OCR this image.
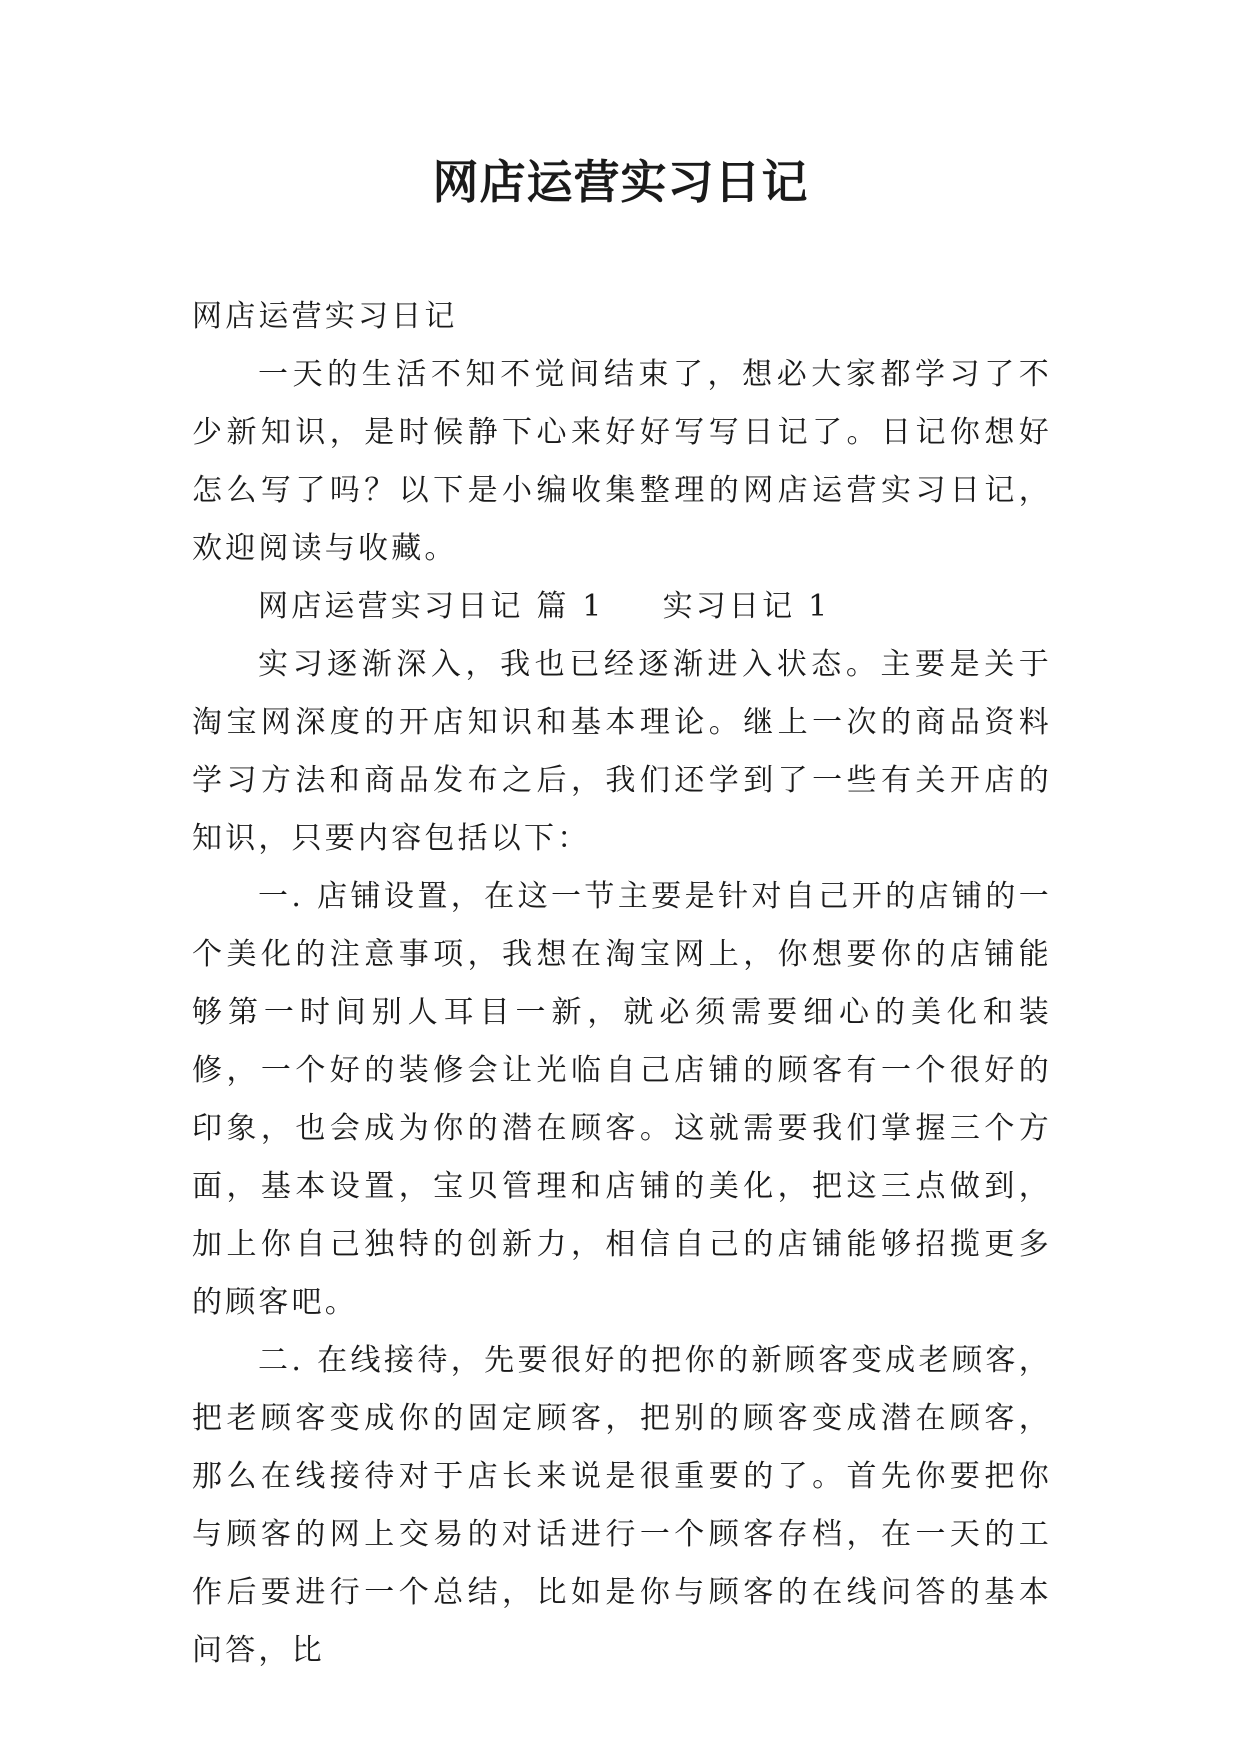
网店运营实习日记

网店运营实习日记

一天的生活不知不觉间结束了，想必大家都学习了不少新知识，是时候静下心来好好写写日记了。日记你想好怎么写了吗？以下是小编收集整理的网店运营实习日记，欢迎阅读与收藏。

网店运营实习日记 篇 1 实习日记 1

实习逐渐深入，我也已经逐渐进入状态。主要是关于淘宝网深度的开店知识和基本理论。继上一次的商品资料学习方法和商品发布之后，我们还学到了一些有关开店的知识，只要内容包括以下：

一. 店铺设置，在这一节主要是针对自己开的店铺的一个美化的注意事项，我想在淘宝网上，你想要你的店铺能够第一时间别人耳目一新，就必须需要细心的美化和装修，一个好的装修会让光临自己店铺的顾客有一个很好的印象，也会成为你的潜在顾客。这就需要我们掌握三个方面，基本设置，宝贝管理和店铺的美化，把这三点做到，加上你自己独特的创新力，相信自己的店铺能够招揽更多的顾客吧。

二. 在线接待，先要很好的把你的新顾客变成老顾客，把老顾客变成你的固定顾客，把别的顾客变成潜在顾客，那么在线接待对于店长来说是很重要的了。首先你要把你与顾客的网上交易的对话进行一个顾客存档，在一天的工作后要进行一个总结，比如是你与顾客的在线问答的基本问答，比
